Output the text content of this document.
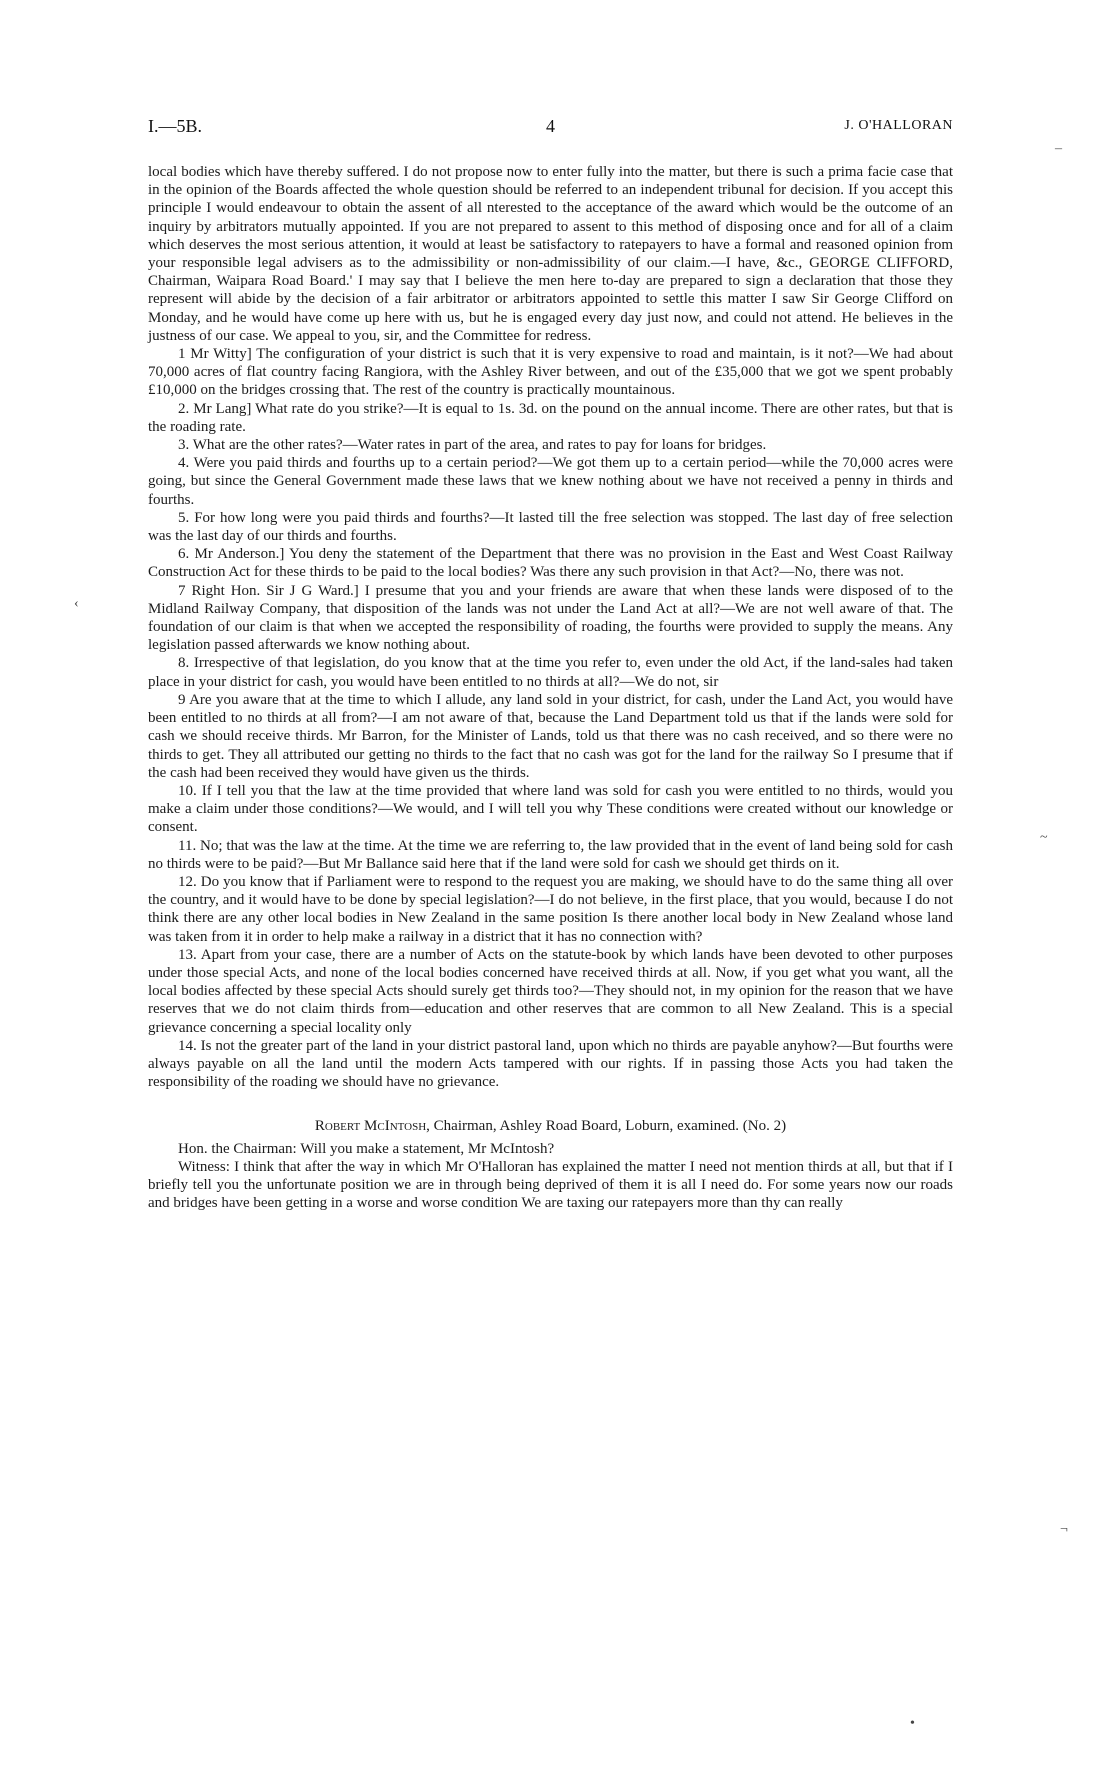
I.—5B.	4	J. O'HALLORAN

local bodies which have thereby suffered. I do not propose now to enter fully into the matter, but there is such a prima facie case that in the opinion of the Boards affected the whole question should be referred to an independent tribunal for decision. If you accept this principle I would endeavour to obtain the assent of all nterested to the acceptance of the award which would be the outcome of an inquiry by arbitrators mutually appointed. If you are not prepared to assent to this method of disposing once and for all of a claim which deserves the most serious attention, it would at least be satisfactory to ratepayers to have a formal and reasoned opinion from your responsible legal advisers as to the admissibility or non-admissibility of our claim.—I have, &c., GEORGE CLIFFORD, Chairman, Waipara Road Board.' I may say that I believe the men here to-day are prepared to sign a declaration that those they represent will abide by the decision of a fair arbitrator or arbitrators appointed to settle this matter I saw Sir George Clifford on Monday, and he would have come up here with us, but he is engaged every day just now, and could not attend. He believes in the justness of our case. We appeal to you, sir, and the Committee for redress.

1 Mr Witty] The configuration of your district is such that it is very expensive to road and maintain, is it not?—We had about 70,000 acres of flat country facing Rangiora, with the Ashley River between, and out of the £35,000 that we got we spent probably £10,000 on the bridges crossing that. The rest of the country is practically mountainous.

2. Mr Lang] What rate do you strike?—It is equal to 1s. 3d. on the pound on the annual income. There are other rates, but that is the roading rate.

3. What are the other rates?—Water rates in part of the area, and rates to pay for loans for bridges.

4. Were you paid thirds and fourths up to a certain period?—We got them up to a certain period—while the 70,000 acres were going, but since the General Government made these laws that we knew nothing about we have not received a penny in thirds and fourths.

5. For how long were you paid thirds and fourths?—It lasted till the free selection was stopped. The last day of free selection was the last day of our thirds and fourths.

6. Mr Anderson.] You deny the statement of the Department that there was no provision in the East and West Coast Railway Construction Act for these thirds to be paid to the local bodies? Was there any such provision in that Act?—No, there was not.

7 Right Hon. Sir J G Ward.] I presume that you and your friends are aware that when these lands were disposed of to the Midland Railway Company, that disposition of the lands was not under the Land Act at all?—We are not well aware of that. The foundation of our claim is that when we accepted the responsibility of roading, the fourths were provided to supply the means. Any legislation passed afterwards we know nothing about.

8. Irrespective of that legislation, do you know that at the time you refer to, even under the old Act, if the land-sales had taken place in your district for cash, you would have been entitled to no thirds at all?—We do not, sir

9 Are you aware that at the time to which I allude, any land sold in your district, for cash, under the Land Act, you would have been entitled to no thirds at all from?—I am not aware of that, because the Land Department told us that if the lands were sold for cash we should receive thirds. Mr Barron, for the Minister of Lands, told us that there was no cash received, and so there were no thirds to get. They all attributed our getting no thirds to the fact that no cash was got for the land for the railway So I presume that if the cash had been received they would have given us the thirds.

10. If I tell you that the law at the time provided that where land was sold for cash you were entitled to no thirds, would you make a claim under those conditions?—We would, and I will tell you why These conditions were created without our knowledge or consent.

11. No; that was the law at the time. At the time we are referring to, the law provided that in the event of land being sold for cash no thirds were to be paid?—But Mr Ballance said here that if the land were sold for cash we should get thirds on it.

12. Do you know that if Parliament were to respond to the request you are making, we should have to do the same thing all over the country, and it would have to be done by special legislation?—I do not believe, in the first place, that you would, because I do not think there are any other local bodies in New Zealand in the same position Is there another local body in New Zealand whose land was taken from it in order to help make a railway in a district that it has no connection with?

13. Apart from your case, there are a number of Acts on the statute-book by which lands have been devoted to other purposes under those special Acts, and none of the local bodies concerned have received thirds at all. Now, if you get what you want, all the local bodies affected by these special Acts should surely get thirds too?—They should not, in my opinion for the reason that we have reserves that we do not claim thirds from—education and other reserves that are common to all New Zealand. This is a special grievance concerning a special locality only

14. Is not the greater part of the land in your district pastoral land, upon which no thirds are payable anyhow?—But fourths were always payable on all the land until the modern Acts tampered with our rights. If in passing those Acts you had taken the responsibility of the roading we should have no grievance.

Robert McIntosh, Chairman, Ashley Road Board, Loburn, examined. (No. 2)

Hon. the Chairman: Will you make a statement, Mr McIntosh?

Witness: I think that after the way in which Mr O'Halloran has explained the matter I need not mention thirds at all, but that if I briefly tell you the unfortunate position we are in through being deprived of them it is all I need do. For some years now our roads and bridges have been getting in a worse and worse condition We are taxing our ratepayers more than thy can really

¯
‹
~
¬
•
